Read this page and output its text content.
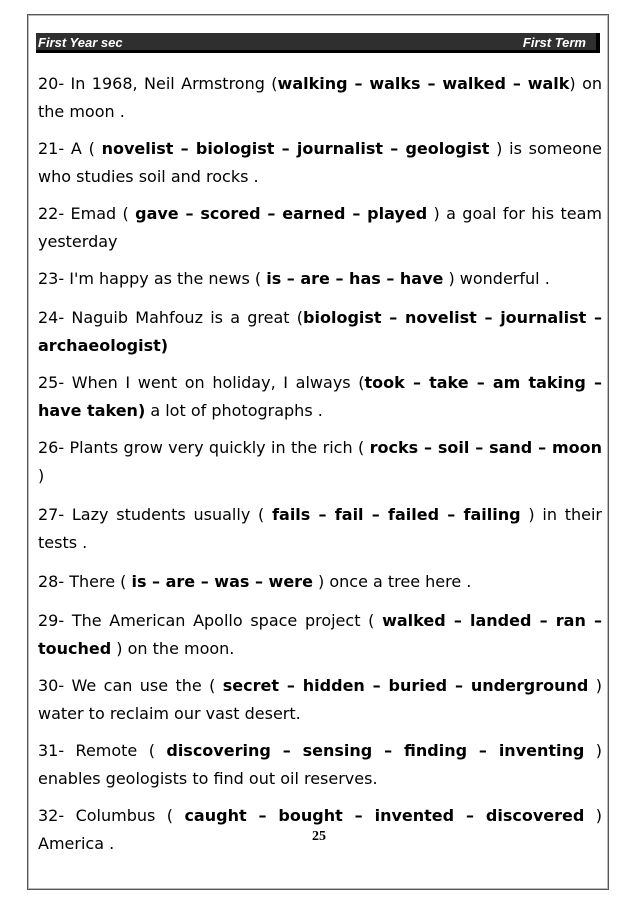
First Year sec	First Term

20- In 1968, Neil Armstrong (walking – walks – walked – walk) on the moon .

21- A ( novelist – biologist – journalist – geologist ) is someone who studies soil and rocks .

22- Emad ( gave – scored – earned – played ) a goal for his team yesterday

23- I'm happy as the news ( is – are – has – have ) wonderful .

24- Naguib Mahfouz is a great (biologist – novelist – journalist – archaeologist)

25- When I went on holiday, I always (took – take – am taking – have taken) a lot of photographs .

26- Plants grow very quickly in the rich ( rocks – soil – sand – moon )

27- Lazy students usually ( fails – fail – failed – failing ) in their tests .

28- There ( is – are – was – were ) once a tree here .

29- The American Apollo space project ( walked – landed – ran – touched ) on the moon.

30- We can use the ( secret – hidden – buried – underground ) water to reclaim our vast desert.

31- Remote ( discovering – sensing – finding – inventing ) enables geologists to find out oil reserves.

32- Columbus ( caught – bought – invented – discovered ) America .	25
